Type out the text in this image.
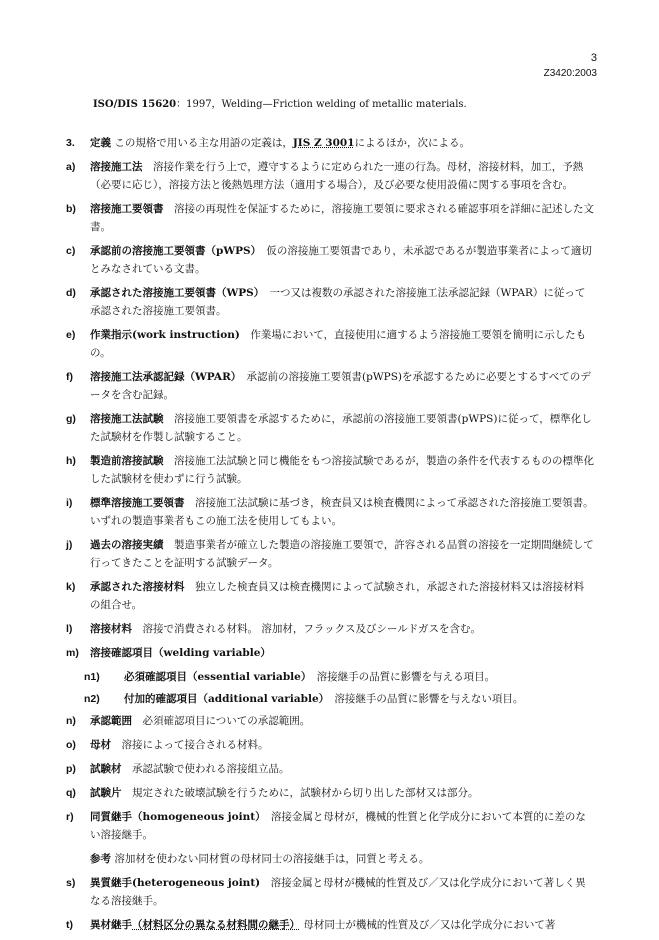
3
Z3420:2003
ISO/DIS 15620：1997，Welding—Friction welding of metallic materials.
3. 定義 この規格で用いる主な用語の定義は，JIS Z 3001によるほか，次による。
a) 溶接施工法　 溶接作業を行う上で，遵守するように定められた一連の行為。母材，溶接材料，加工，予熱（必要に応じ），溶接方法と後熱処理方法（適用する場合），及び必要な使用設備に関する事項を含む。
b) 溶接施工要領書　 溶接の再現性を保証するために，溶接施工要領に要求される確認事項を詳細に記述した文書。
c) 承認前の溶接施工要領書（pWPS）　 仮の溶接施工要領書であり，未承認であるが製造事業者によって適切とみなされている文書。
d) 承認された溶接施工要領書（WPS）　 一つ又は複数の承認された溶接施工法承認記録（WPAR）に従って承認された溶接施工要領書。
e) 作業指示(work instruction)　 作業場において，直接使用に適するよう溶接施工要領を簡明に示したもの。
f) 溶接施工法承認記録（WPAR）　 承認前の溶接施工要領書(pWPS)を承認するために必要とするすべてのデータを含む記録。
g) 溶接施工法試験　 溶接施工要領書を承認するために，承認前の溶接施工要領書(pWPS)に従って，標準化した試験材を作製し試験すること。
h) 製造前溶接試験　 溶接施工法試験と同じ機能をもつ溶接試験であるが，製造の条件を代表するものの標準化した試験材を使わずに行う試験。
i) 標準溶接施工要領書　 溶接施工法試験に基づき，検査員又は検査機関によって承認された溶接施工要領書。いずれの製造事業者もこの施工法を使用してもよい。
j) 過去の溶接実績　 製造事業者が確立した製造の溶接施工要領で，許容される品質の溶接を一定期間継続して行ってきたことを証明する試験データ。
k) 承認された溶接材料　 独立した検査員又は検査機関によって試験され，承認された溶接材料又は溶接材料の組合せ。
l) 溶接材料　 溶接で消費される材料。 溶加材，フラックス及びシールドガスを含む。
m) 溶接確認項目（welding variable）　
n1) 必須確認項目（essential variable）　 溶接継手の品質に影響を与える項目。
n2) 付加的確認項目（additional variable）　 溶接継手の品質に影響を与えない項目。
n) 承認範囲　 必須確認項目についての承認範囲。
o) 母材　 溶接によって接合される材料。
p) 試験材　 承認試験で使われる溶接組立品。
q) 試験片　 規定された破壊試験を行うために，試験材から切り出した部材又は部分。
r) 同質継手（homogeneous joint）　 溶接金属と母材が，機械的性質と化学成分において本質的に差のない溶接継手。
参考 溶加材を使わない同材質の母材同士の溶接継手は，同質と考える。
s) 異質継手(heterogeneous joint)　 溶接金属と母材が機械的性質及び／又は化学成分において著しく異なる溶接継手。
t) 異材継手（材料区分の異なる材料間の継手） 母材同士が機械的性質及び／又は化学成分において著
